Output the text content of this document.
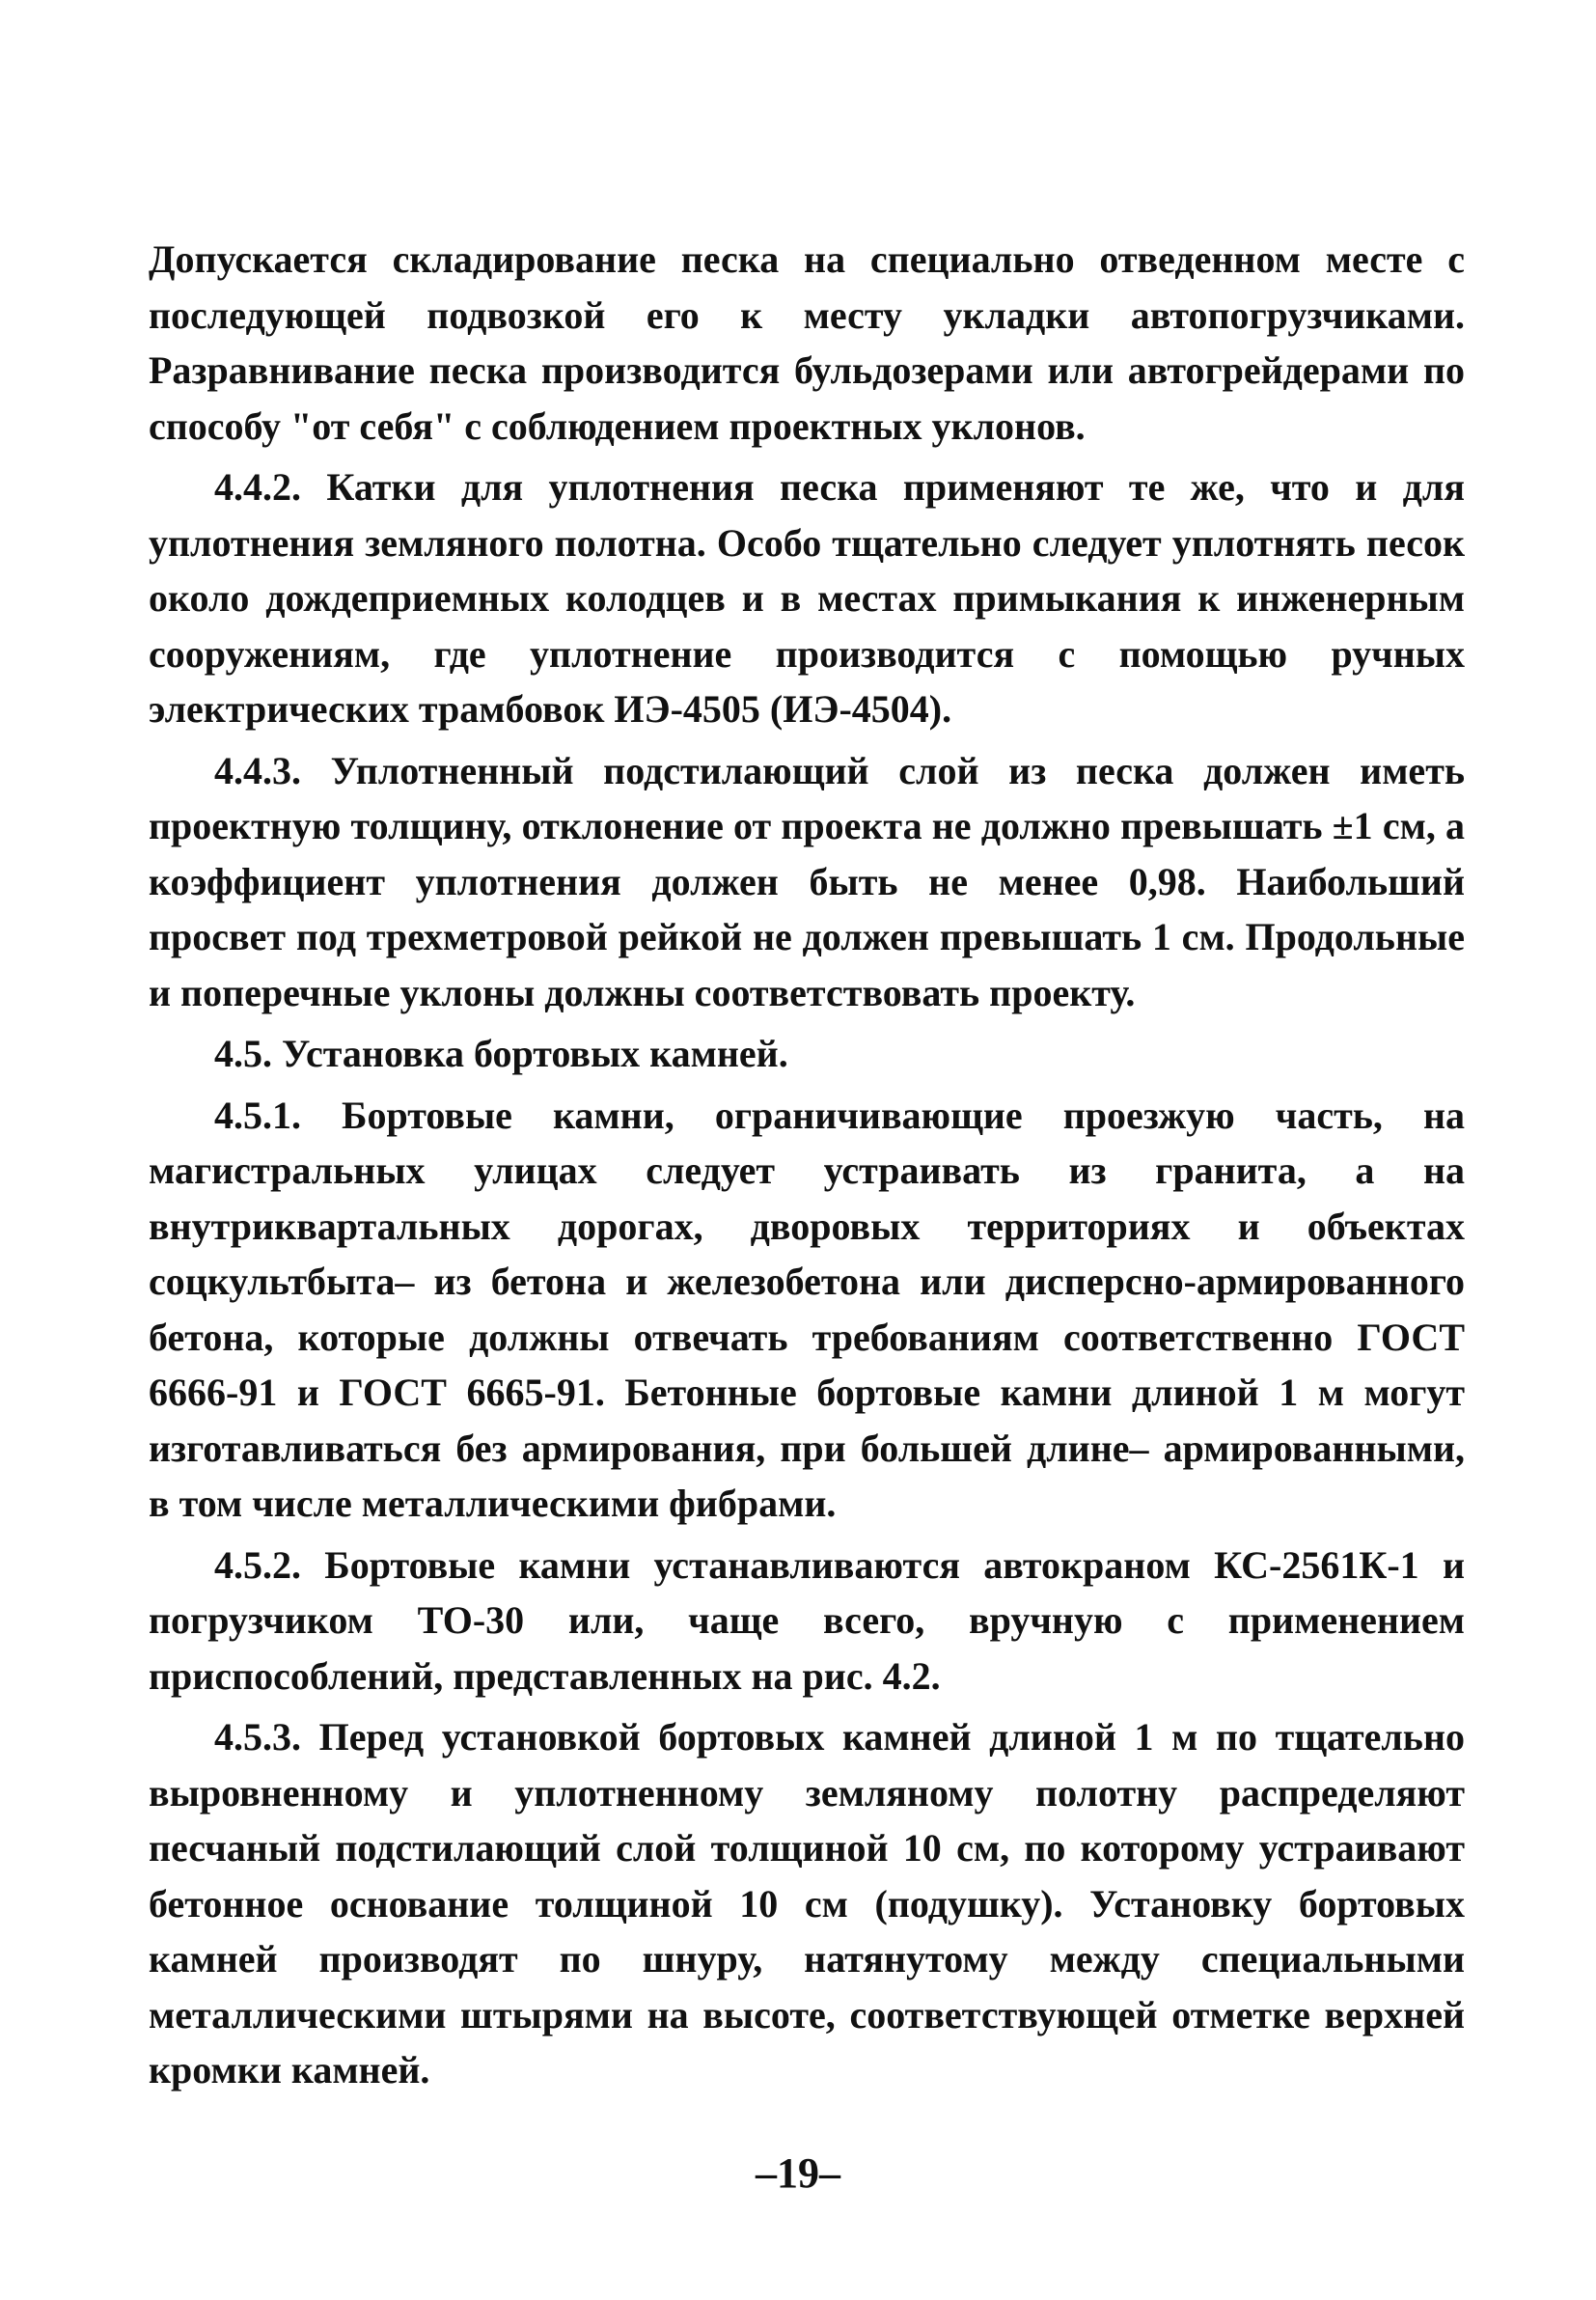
Допускается складирование песка на специально отведенном месте с последующей подвозкой его к месту укладки автопогрузчиками. Разравнивание песка производится бульдозерами или автогрейдерами по способу "от себя" с соблюдением проектных уклонов.

4.4.2. Катки для уплотнения песка применяют те же, что и для уплотнения земляного полотна. Особо тщательно следует уплотнять песок около дождеприемных колодцев и в местах примыкания к инженерным сооружениям, где уплотнение производится с помощью ручных электрических трамбовок ИЭ-4505 (ИЭ-4504).

4.4.3. Уплотненный подстилающий слой из песка должен иметь проектную толщину, отклонение от проекта не должно превышать ±1 см, а коэффициент уплотнения должен быть не менее 0,98. Наибольший просвет под трехметровой рейкой не должен превышать 1 см. Продольные и поперечные уклоны должны соответствовать проекту.

4.5. Установка бортовых камней.

4.5.1. Бортовые камни, ограничивающие проезжую часть, на магистральных улицах следует устраивать из гранита, а на внутриквартальных дорогах, дворовых территориях и объектах соцкультбыта– из бетона и железобетона или дисперсно-армированного бетона, которые должны отвечать требованиям соответственно ГОСТ 6666-91 и ГОСТ 6665-91. Бетонные бортовые камни длиной 1 м могут изготавливаться без армирования, при большей длине– армированными, в том числе металлическими фибрами.

4.5.2. Бортовые камни устанавливаются автокраном КС-2561К-1 и погрузчиком ТО-30 или, чаще всего, вручную с применением приспособлений, представленных на рис. 4.2.

4.5.3. Перед установкой бортовых камней длиной 1 м по тщательно выровненному и уплотненному земляному полотну распределяют песчаный подстилающий слой толщиной 10 см, по которому устраивают бетонное основание толщиной 10 см (подушку). Установку бортовых камней производят по шнуру, натянутому между специальными металлическими штырями на высоте, соответствующей отметке верхней кромки камней.

–19–
